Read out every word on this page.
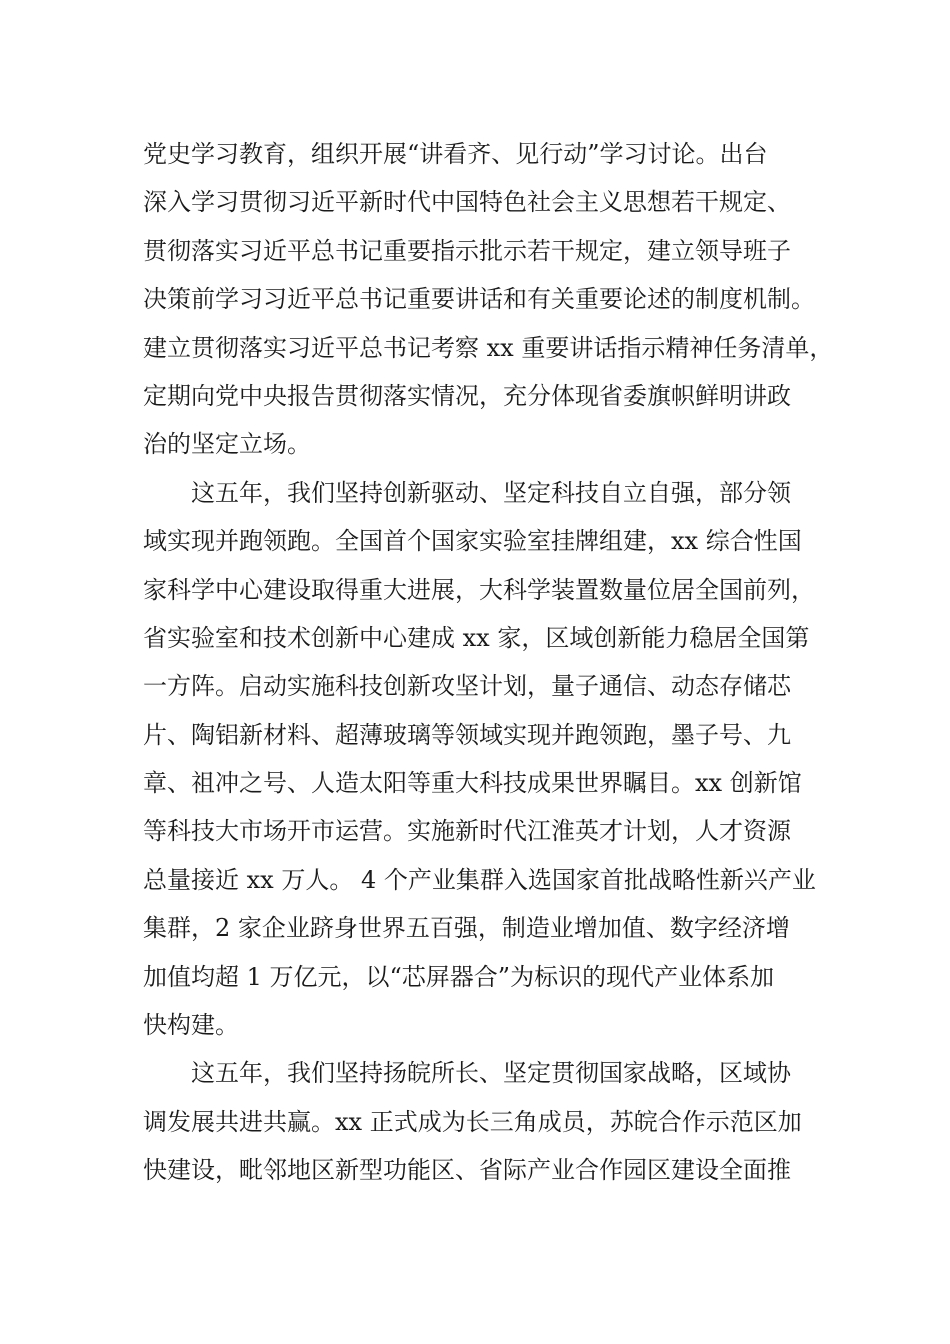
党史学习教育，组织开展“讲看齐、见行动”学习讨论。出台
深入学习贯彻习近平新时代中国特色社会主义思想若干规定、
贯彻落实习近平总书记重要指示批示若干规定，建立领导班子
决策前学习习近平总书记重要讲话和有关重要论述的制度机制。
建立贯彻落实习近平总书记考察 xx 重要讲话指示精神任务清单，
定期向党中央报告贯彻落实情况，充分体现省委旗帜鲜明讲政
治的坚定立场。
这五年，我们坚持创新驱动、坚定科技自立自强，部分领
域实现并跑领跑。全国首个国家实验室挂牌组建，xx 综合性国
家科学中心建设取得重大进展，大科学装置数量位居全国前列，
省实验室和技术创新中心建成 xx 家，区域创新能力稳居全国第
一方阵。启动实施科技创新攻坚计划，量子通信、动态存储芯
片、陶铝新材料、超薄玻璃等领域实现并跑领跑，墨子号、九
章、祖冲之号、人造太阳等重大科技成果世界瞩目。xx 创新馆
等科技大市场开市运营。实施新时代江淮英才计划，人才资源
总量接近 xx 万人。 4 个产业集群入选国家首批战略性新兴产业
集群，2 家企业跻身世界五百强，制造业增加值、数字经济增
加值均超 1 万亿元，以“芯屏器合”为标识的现代产业体系加
快构建。
这五年，我们坚持扬皖所长、坚定贯彻国家战略，区域协
调发展共进共赢。xx 正式成为长三角成员，苏皖合作示范区加
快建设，毗邻地区新型功能区、省际产业合作园区建设全面推
